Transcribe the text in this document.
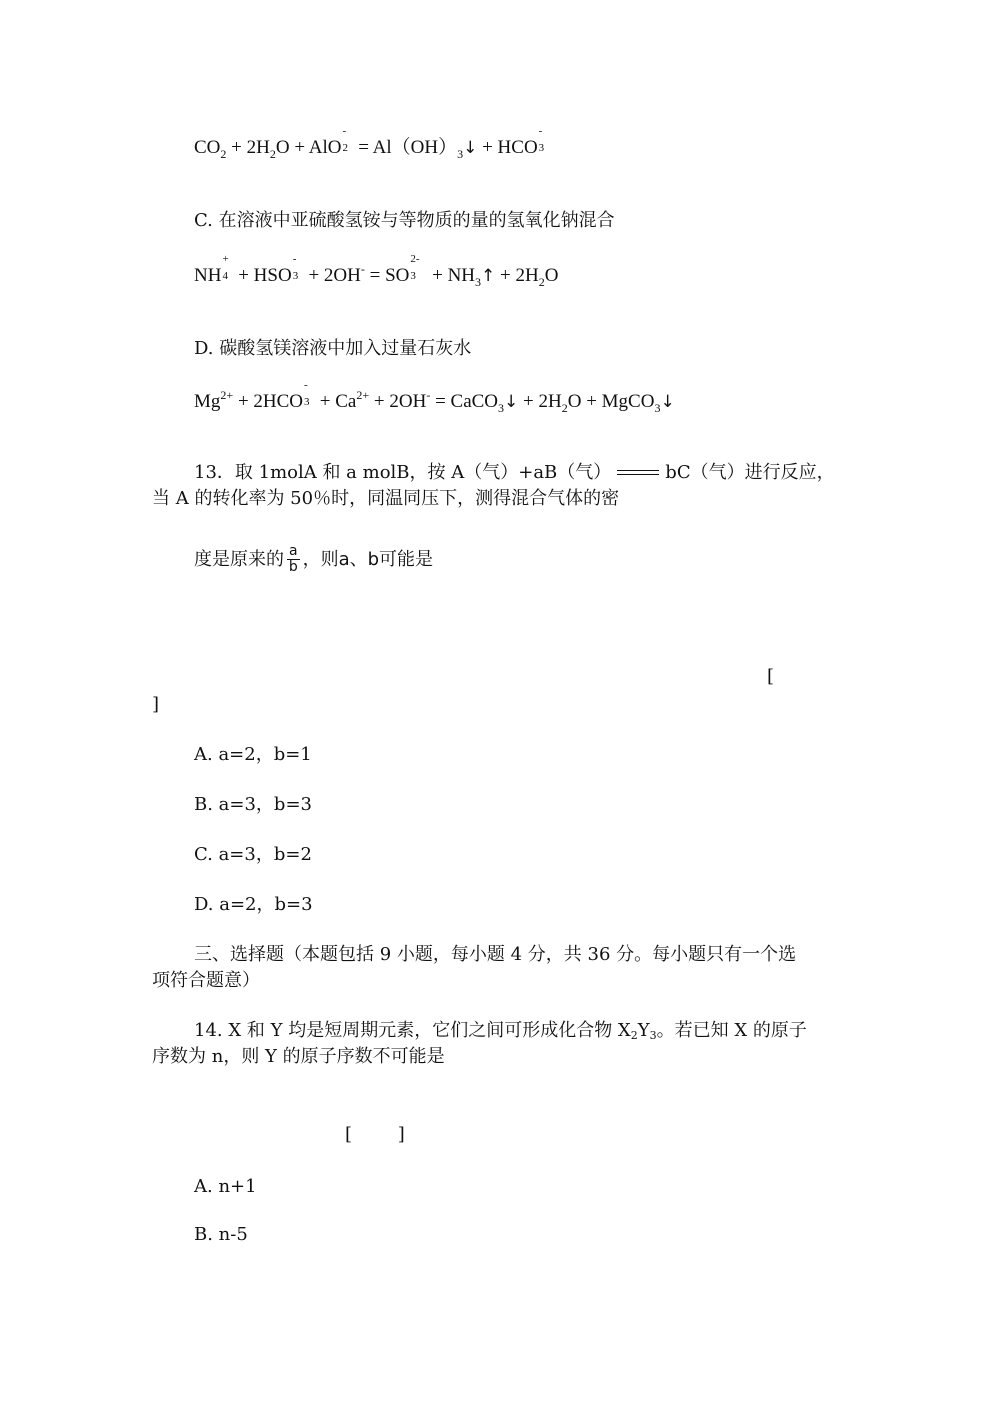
$CO_2 + 2H_2O$ + AlO
-
$2 = Al(OH)_3↓$ + HCO
-
3
C. 在溶液中亚硫酸氢铵与等物质的量的氢氧化钠混合
NH
+
4 + HSO
-
3 + 2OH- = SO
2-
$3 + NH_3↑ + 2H_2O$
D. 碳酸氢镁溶液中加入过量石灰水
$Mg^{2+} + 2HCO$
-
$3 + Ca^{2+} + 2OH^-$ = CaCO$_3$↓ + $2H_2O$ + MgCO$_3$↓
13．取 1molA 和 a molB，按 A（气）+aB（气）	bC（气）进行反应，
当 A 的转化率为 50％时，同温同压下，测得混合气体的密
度是原来的 $\frac{a}{b}$ ，则a、b可能是
[
]
A. a=2，b=1
B. a=3，b=3
C. a=3，b=2
D. a=2，b=3
三、选择题（本题包括 9 小题，每小题 4 分，共 36 分。每小题只有一个选
项符合题意）
14. X 和 Y 均是短周期元素，它们之间可形成化合物 X2Y3。若已知 X 的原子
序数为 n，则 Y 的原子序数不可能是
[        ]
A. n+1
B. n-5
